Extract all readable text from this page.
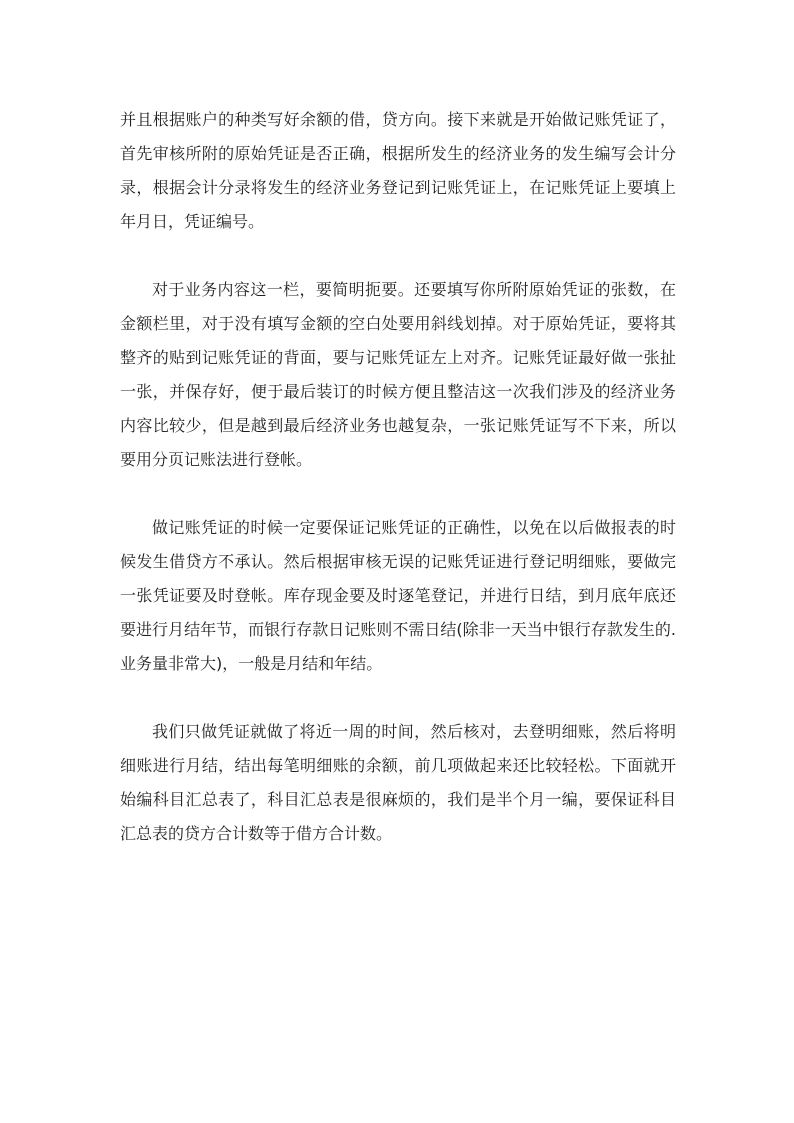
并且根据账户的种类写好余额的借，贷方向。接下来就是开始做记账凭证了，首先审核所附的原始凭证是否正确，根据所发生的经济业务的发生编写会计分录，根据会计分录将发生的经济业务登记到记账凭证上，在记账凭证上要填上年月日，凭证编号。

对于业务内容这一栏，要简明扼要。还要填写你所附原始凭证的张数，在金额栏里，对于没有填写金额的空白处要用斜线划掉。对于原始凭证，要将其整齐的贴到记账凭证的背面，要与记账凭证左上对齐。记账凭证最好做一张扯一张，并保存好，便于最后装订的时候方便且整洁这一次我们涉及的经济业务内容比较少，但是越到最后经济业务也越复杂，一张记账凭证写不下来，所以要用分页记账法进行登帐。

做记账凭证的时候一定要保证记账凭证的正确性，以免在以后做报表的时候发生借贷方不承认。然后根据审核无误的记账凭证进行登记明细账，要做完一张凭证要及时登帐。库存现金要及时逐笔登记，并进行日结，到月底年底还要进行月结年节，而银行存款日记账则不需日结(除非一天当中银行存款发生的.业务量非常大)，一般是月结和年结。

我们只做凭证就做了将近一周的时间，然后核对，去登明细账，然后将明细账进行月结，结出每笔明细账的余额，前几项做起来还比较轻松。下面就开始编科目汇总表了，科目汇总表是很麻烦的，我们是半个月一编，要保证科目汇总表的贷方合计数等于借方合计数。
